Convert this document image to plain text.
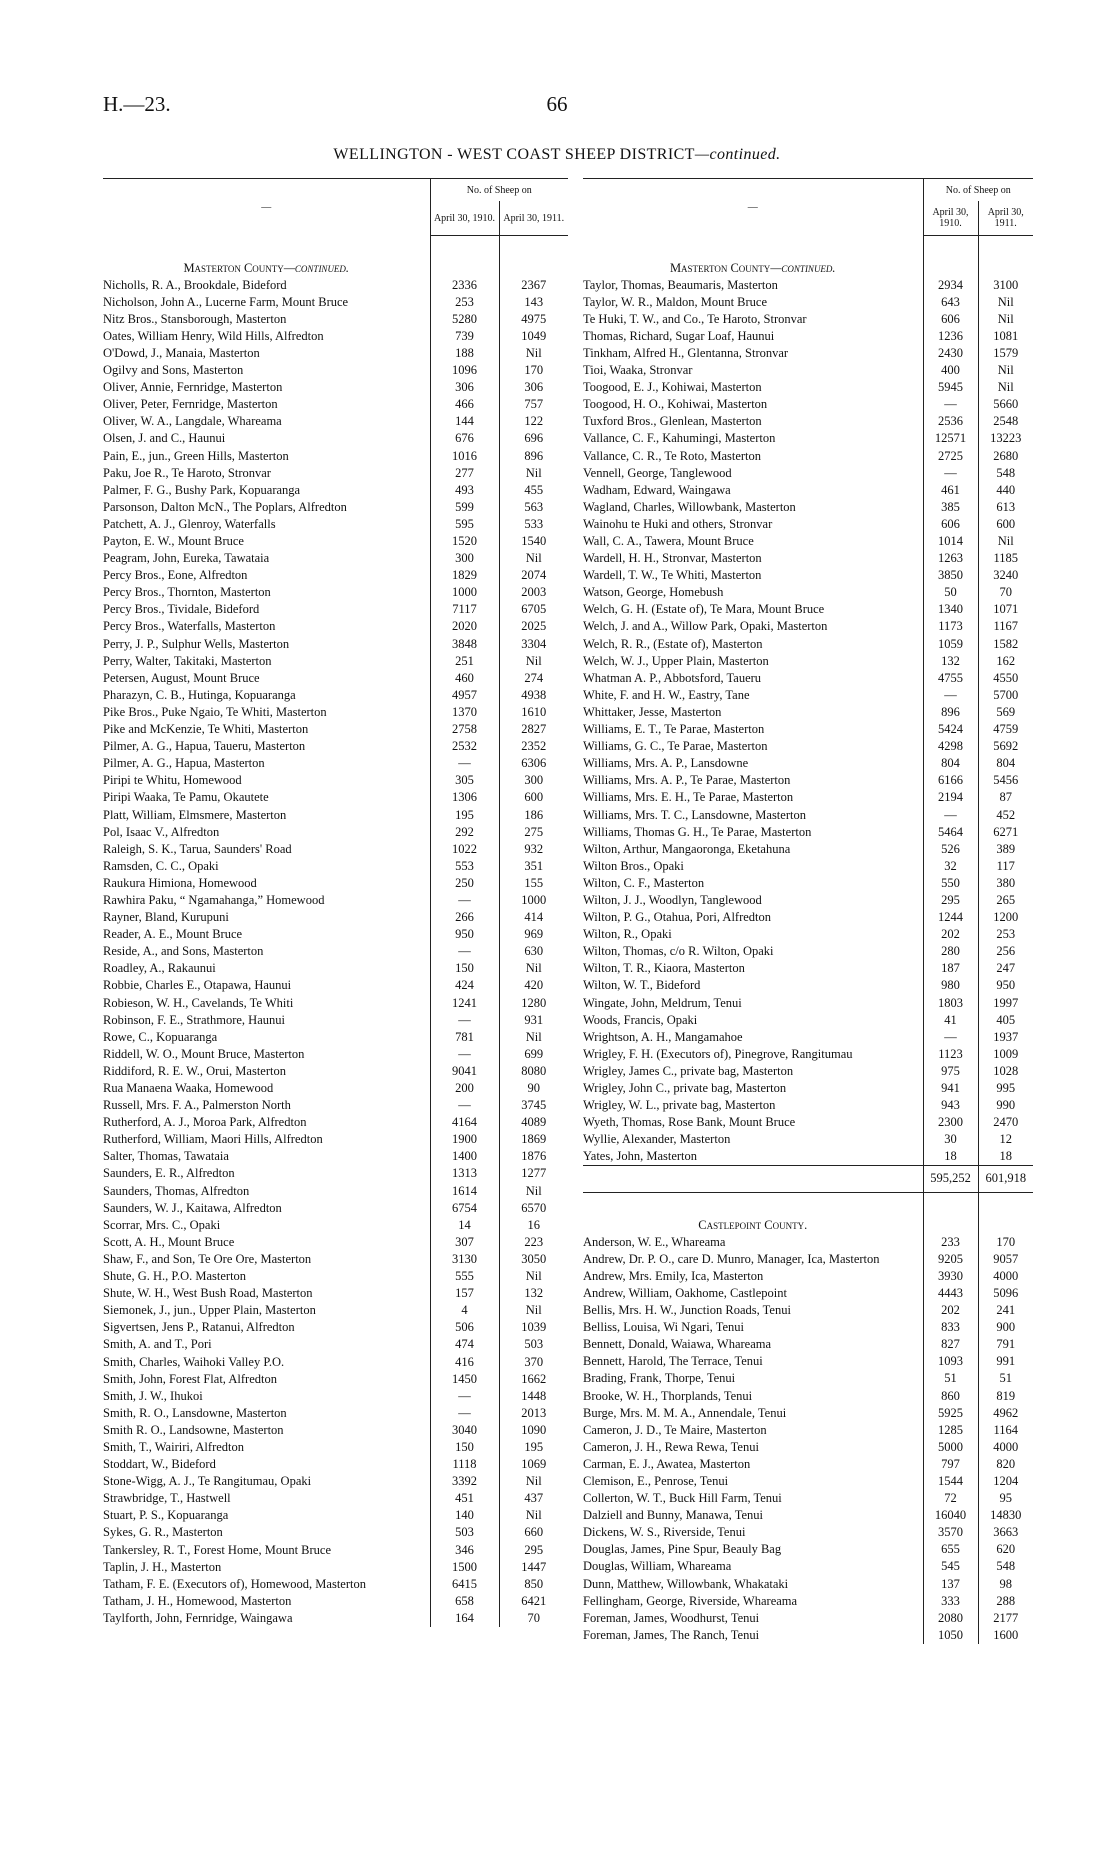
H.—23.	66
WELLINGTON - WEST COAST SHEEP DISTRICT—continued.
—	No. of Sheep on	
	April 30, 1910.	April 30, 1911.

Masterton County—continued.		
Nicholls, R. A., Brookdale, Bideford	2336	2367
Nicholson, John A., Lucerne Farm, Mount Bruce	253	143
Nitz Bros., Stansborough, Masterton	5280	4975
Oates, William Henry, Wild Hills, Alfredton	739	1049
O'Dowd, J., Manaia, Masterton	188	Nil
Ogilvy and Sons, Masterton	1096	170
Oliver, Annie, Fernridge, Masterton	306	306
Oliver, Peter, Fernridge, Masterton	466	757
Oliver, W. A., Langdale, Whareama	144	122
Olsen, J. and C., Haunui	676	696
Pain, E., jun., Green Hills, Masterton	1016	896
Paku, Joe R., Te Haroto, Stronvar	277	Nil
Palmer, F. G., Bushy Park, Kopuaranga	493	455
Parsonson, Dalton McN., The Poplars, Alfredton	599	563
Patchett, A. J., Glenroy, Waterfalls	595	533
Payton, E. W., Mount Bruce	1520	1540
Peagram, John, Eureka, Tawataia	300	Nil
Percy Bros., Eone, Alfredton	1829	2074
Percy Bros., Thornton, Masterton	1000	2003
Percy Bros., Tividale, Bideford	7117	6705
Percy Bros., Waterfalls, Masterton	2020	2025
Perry, J. P., Sulphur Wells, Masterton	3848	3304
Perry, Walter, Takitaki, Masterton	251	Nil
Petersen, August, Mount Bruce	460	274
Pharazyn, C. B., Hutinga, Kopuaranga	4957	4938
Pike Bros., Puke Ngaio, Te Whiti, Masterton	1370	1610
Pike and McKenzie, Te Whiti, Masterton	2758	2827
Pilmer, A. G., Hapua, Taueru, Masterton	2532	2352
Pilmer, A. G., Hapua, Masterton	—	6306
Piripi te Whitu, Homewood	305	300
Piripi Waaka, Te Pamu, Okautete	1306	600
Platt, William, Elmsmere, Masterton	195	186
Pol, Isaac V., Alfredton	292	275
Raleigh, S. K., Tarua, Saunders' Road	1022	932
Ramsden, C. C., Opaki	553	351
Raukura Himiona, Homewood	250	155
Rawhira Paku, “ Ngamahanga,” Homewood	—	1000
Rayner, Bland, Kurupuni	266	414
Reader, A. E., Mount Bruce	950	969
Reside, A., and Sons, Masterton	—	630
Roadley, A., Rakaunui	150	Nil
Robbie, Charles E., Otapawa, Haunui	424	420
Robieson, W. H., Cavelands, Te Whiti	1241	1280
Robinson, F. E., Strathmore, Haunui	—	931
Rowe, C., Kopuaranga	781	Nil
Riddell, W. O., Mount Bruce, Masterton	—	699
Riddiford, R. E. W., Orui, Masterton	9041	8080
Rua Manaena Waaka, Homewood	200	90
Russell, Mrs. F. A., Palmerston North	—	3745
Rutherford, A. J., Moroa Park, Alfredton	4164	4089
Rutherford, William, Maori Hills, Alfredton	1900	1869
Salter, Thomas, Tawataia	1400	1876
Saunders, E. R., Alfredton	1313	1277
Saunders, Thomas, Alfredton	1614	Nil
Saunders, W. J., Kaitawa, Alfredton	6754	6570
Scorrar, Mrs. C., Opaki	14	16
Scott, A. H., Mount Bruce	307	223
Shaw, F., and Son, Te Ore Ore, Masterton	3130	3050
Shute, G. H., P.O. Masterton	555	Nil
Shute, W. H., West Bush Road, Masterton	157	132
Siemonek, J., jun., Upper Plain, Masterton	4	Nil
Sigvertsen, Jens P., Ratanui, Alfredton	506	1039
Smith, A. and T., Pori	474	503
Smith, Charles, Waihoki Valley P.O.	416	370
Smith, John, Forest Flat, Alfredton	1450	1662
Smith, J. W., Ihukoi	—	1448
Smith, R. O., Lansdowne, Masterton	—	2013
Smith R. O., Landsowne, Masterton	3040	1090
Smith, T., Wairiri, Alfredton	150	195
Stoddart, W., Bideford	1118	1069
Stone-Wigg, A. J., Te Rangitumau, Opaki	3392	Nil
Strawbridge, T., Hastwell	451	437
Stuart, P. S., Kopuaranga	140	Nil
Sykes, G. R., Masterton	503	660
Tankersley, R. T., Forest Home, Mount Bruce	346	295
Taplin, J. H., Masterton	1500	1447
Tatham, F. E. (Executors of), Homewood, Masterton	6415	850
Tatham, J. H., Homewood, Masterton	658	6421
Taylforth, John, Fernridge, Waingawa	164	70
—	No. of Sheep on	
	April 30, 1910.	April 30, 1911.

Masterton County—continued.		
Taylor, Thomas, Beaumaris, Masterton	2934	3100
Taylor, W. R., Maldon, Mount Bruce	643	Nil
Te Huki, T. W., and Co., Te Haroto, Stronvar	606	Nil
Thomas, Richard, Sugar Loaf, Haunui	1236	1081
Tinkham, Alfred H., Glentanna, Stronvar	2430	1579
Tioi, Waaka, Stronvar	400	Nil
Toogood, E. J., Kohiwai, Masterton	5945	Nil
Toogood, H. O., Kohiwai, Masterton	—	5660
Tuxford Bros., Glenlean, Masterton	2536	2548
Vallance, C. F., Kahumingi, Masterton	12571	13223
Vallance, C. R., Te Roto, Masterton	2725	2680
Vennell, George, Tanglewood	—	548
Wadham, Edward, Waingawa	461	440
Wagland, Charles, Willowbank, Masterton	385	613
Wainohu te Huki and others, Stronvar	606	600
Wall, C. A., Tawera, Mount Bruce	1014	Nil
Wardell, H. H., Stronvar, Masterton	1263	1185
Wardell, T. W., Te Whiti, Masterton	3850	3240
Watson, George, Homebush	50	70
Welch, G. H. (Estate of), Te Mara, Mount Bruce	1340	1071
Welch, J. and A., Willow Park, Opaki, Masterton	1173	1167
Welch, R. R., (Estate of), Masterton	1059	1582
Welch, W. J., Upper Plain, Masterton	132	162
Whatman A. P., Abbotsford, Taueru	4755	4550
White, F. and H. W., Eastry, Tane	—	5700
Whittaker, Jesse, Masterton	896	569
Williams, E. T., Te Parae, Masterton	5424	4759
Williams, G. C., Te Parae, Masterton	4298	5692
Williams, Mrs. A. P., Lansdowne	804	804
Williams, Mrs. A. P., Te Parae, Masterton	6166	5456
Williams, Mrs. E. H., Te Parae, Masterton	2194	87
Williams, Mrs. T. C., Lansdowne, Masterton	—	452
Williams, Thomas G. H., Te Parae, Masterton	5464	6271
Wilton, Arthur, Mangaoronga, Eketahuna	526	389
Wilton Bros., Opaki	32	117
Wilton, C. F., Masterton	550	380
Wilton, J. J., Woodlyn, Tanglewood	295	265
Wilton, P. G., Otahua, Pori, Alfredton	1244	1200
Wilton, R., Opaki	202	253
Wilton, Thomas, c/o R. Wilton, Opaki	280	256
Wilton, T. R., Kiaora, Masterton	187	247
Wilton, W. T., Bideford	980	950
Wingate, John, Meldrum, Tenui	1803	1997
Woods, Francis, Opaki	41	405
Wrightson, A. H., Mangamahoe	—	1937
Wrigley, F. H. (Executors of), Pinegrove, Rangitumau	1123	1009
Wrigley, James C., private bag, Masterton	975	1028
Wrigley, John C., private bag, Masterton	941	995
Wrigley, W. L., private bag, Masterton	943	990
Wyeth, Thomas, Rose Bank, Mount Bruce	2300	2470
Wyllie, Alexander, Masterton	30	12
Yates, John, Masterton	18	18
	595,252	601,918

Castlepoint County.		
Anderson, W. E., Whareama	233	170
Andrew, Dr. P. O., care D. Munro, Manager, Ica, Masterton	9205	9057
Andrew, Mrs. Emily, Ica, Masterton	3930	4000
Andrew, William, Oakhome, Castlepoint	4443	5096
Bellis, Mrs. H. W., Junction Roads, Tenui	202	241
Belliss, Louisa, Wi Ngari, Tenui	833	900
Bennett, Donald, Waiawa, Whareama	827	791
Bennett, Harold, The Terrace, Tenui	1093	991
Brading, Frank, Thorpe, Tenui	51	51
Brooke, W. H., Thorplands, Tenui	860	819
Burge, Mrs. M. M. A., Annendale, Tenui	5925	4962
Cameron, J. D., Te Maire, Masterton	1285	1164
Cameron, J. H., Rewa Rewa, Tenui	5000	4000
Carman, E. J., Awatea, Masterton	797	820
Clemison, E., Penrose, Tenui	1544	1204
Collerton, W. T., Buck Hill Farm, Tenui	72	95
Dalziell and Bunny, Manawa, Tenui	16040	14830
Dickens, W. S., Riverside, Tenui	3570	3663
Douglas, James, Pine Spur, Beauly Bag	655	620
Douglas, William, Whareama	545	548
Dunn, Matthew, Willowbank, Whakataki	137	98
Fellingham, George, Riverside, Whareama	333	288
Foreman, James, Woodhurst, Tenui	2080	2177
Foreman, James, The Ranch, Tenui	1050	1600
